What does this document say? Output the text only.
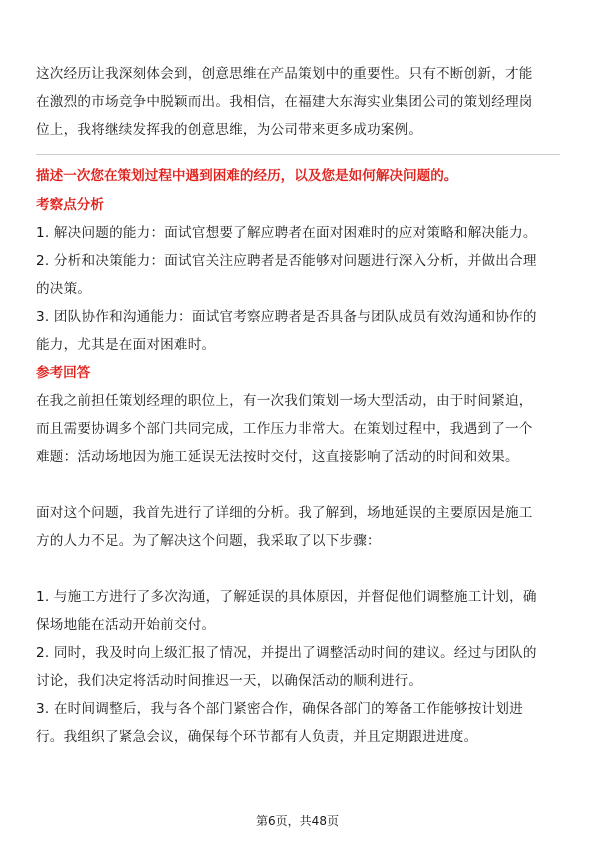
这次经历让我深刻体会到，创意思维在产品策划中的重要性。只有不断创新，才能

在激烈的市场竞争中脱颖而出。我相信，在福建大东海实业集团公司的策划经理岗

位上，我将继续发挥我的创意思维，为公司带来更多成功案例。

描述一次您在策划过程中遇到困难的经历，以及您是如何解决问题的。

考察点分析

1. 解决问题的能力：面试官想要了解应聘者在面对困难时的应对策略和解决能力。

2. 分析和决策能力：面试官关注应聘者是否能够对问题进行深入分析，并做出合理

的决策。

3. 团队协作和沟通能力：面试官考察应聘者是否具备与团队成员有效沟通和协作的

能力，尤其是在面对困难时。

参考回答

在我之前担任策划经理的职位上，有一次我们策划一场大型活动，由于时间紧迫，

而且需要协调多个部门共同完成，工作压力非常大。在策划过程中，我遇到了一个

难题：活动场地因为施工延误无法按时交付，这直接影响了活动的时间和效果。

面对这个问题，我首先进行了详细的分析。我了解到，场地延误的主要原因是施工

方的人力不足。为了解决这个问题，我采取了以下步骤：

1. 与施工方进行了多次沟通，了解延误的具体原因，并督促他们调整施工计划，确

保场地能在活动开始前交付。

2. 同时，我及时向上级汇报了情况，并提出了调整活动时间的建议。经过与团队的

讨论，我们决定将活动时间推迟一天，以确保活动的顺利进行。

3. 在时间调整后，我与各个部门紧密合作，确保各部门的筹备工作能够按计划进

行。我组织了紧急会议，确保每个环节都有人负责，并且定期跟进进度。

第6页，共48页
